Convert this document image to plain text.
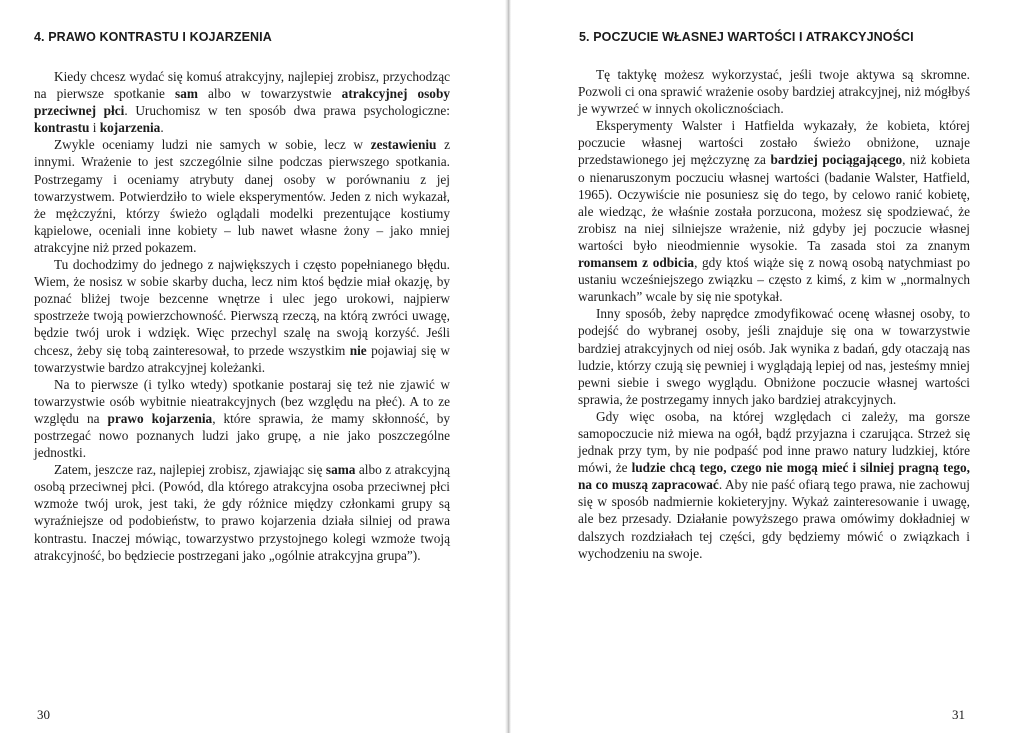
4. PRAWO KONTRASTU I KOJARZENIA

Kiedy chcesz wydać się komuś atrakcyjny, najlepiej zrobisz, przychodząc na pierwsze spotkanie sam albo w towarzystwie atrakcyjnej osoby przeciwnej płci. Uruchomisz w ten sposób dwa prawa psychologiczne: kontrastu i kojarzenia.

Zwykle oceniamy ludzi nie samych w sobie, lecz w zestawieniu z innymi. Wrażenie to jest szczególnie silne podczas pierwszego spotkania. Postrzegamy i oceniamy atrybuty danej osoby w porównaniu z jej towarzystwem. Potwierdziło to wiele eksperymentów. Jeden z nich wykazał, że mężczyźni, którzy świeżo oglądali modelki prezentujące kostiumy kąpielowe, oceniali inne kobiety – lub nawet własne żony – jako mniej atrakcyjne niż przed pokazem.

Tu dochodzimy do jednego z największych i często popełnianego błędu. Wiem, że nosisz w sobie skarby ducha, lecz nim ktoś będzie miał okazję, by poznać bliżej twoje bezcenne wnętrze i ulec jego urokowi, najpierw spostrzeże twoją powierzchowność. Pierwszą rzeczą, na którą zwróci uwagę, będzie twój urok i wdzięk. Więc przechyl szalę na swoją korzyść. Jeśli chcesz, żeby się tobą zainteresował, to przede wszystkim nie pojawiaj się w towarzystwie bardzo atrakcyjnej koleżanki.

Na to pierwsze (i tylko wtedy) spotkanie postaraj się też nie zjawić w towarzystwie osób wybitnie nieatrakcyjnych (bez względu na płeć). A to ze względu na prawo kojarzenia, które sprawia, że mamy skłonność, by postrzegać nowo poznanych ludzi jako grupę, a nie jako poszczególne jednostki.

Zatem, jeszcze raz, najlepiej zrobisz, zjawiając się sama albo z atrakcyjną osobą przeciwnej płci. (Powód, dla którego atrakcyjna osoba przeciwnej płci wzmoże twój urok, jest taki, że gdy różnice między członkami grupy są wyraźniejsze od podobieństw, to prawo kojarzenia działa silniej od prawa kontrastu. Inaczej mówiąc, towarzystwo przystojnego kolegi wzmoże twoją atrakcyjność, bo będziecie postrzegani jako „ogólnie atrakcyjna grupa”).

30
5. POCZUCIE WŁASNEJ WARTOŚCI I ATRAKCYJNOŚCI

Tę taktykę możesz wykorzystać, jeśli twoje aktywa są skromne. Pozwoli ci ona sprawić wrażenie osoby bardziej atrakcyjnej, niż mógłbyś je wywrzeć w innych okolicznościach.

Eksperymenty Walster i Hatfielda wykazały, że kobieta, której poczucie własnej wartości zostało świeżo obniżone, uznaje przedstawionego jej mężczyznę za bardziej pociągającego, niż kobieta o nienaruszonym poczuciu własnej wartości (badanie Walster, Hatfield, 1965). Oczywiście nie posuniesz się do tego, by celowo ranić kobietę, ale wiedząc, że właśnie została porzucona, możesz się spodziewać, że zrobisz na niej silniejsze wrażenie, niż gdyby jej poczucie własnej wartości było nieodmiennie wysokie. Ta zasada stoi za znanym romansem z odbicia, gdy ktoś wiąże się z nową osobą natychmiast po ustaniu wcześniejszego związku – często z kimś, z kim w „normalnych warunkach” wcale by się nie spotykał.

Inny sposób, żeby naprędce zmodyfikować ocenę własnej osoby, to podejść do wybranej osoby, jeśli znajduje się ona w towarzystwie bardziej atrakcyjnych od niej osób. Jak wynika z badań, gdy otaczają nas ludzie, którzy czują się pewniej i wyglądają lepiej od nas, jesteśmy mniej pewni siebie i swego wyglądu. Obniżone poczucie własnej wartości sprawia, że postrzegamy innych jako bardziej atrakcyjnych.

Gdy więc osoba, na której względach ci zależy, ma gorsze samopoczucie niż miewa na ogół, bądź przyjazna i czarująca. Strzeż się jednak przy tym, by nie podpaść pod inne prawo natury ludzkiej, które mówi, że ludzie chcą tego, czego nie mogą mieć i silniej pragną tego, na co muszą zapracować. Aby nie paść ofiarą tego prawa, nie zachowuj się w sposób nadmiernie kokieteryjny. Wykaż zainteresowanie i uwagę, ale bez przesady. Działanie powyższego prawa omówimy dokładniej w dalszych rozdziałach tej części, gdy będziemy mówić o związkach i wychodzeniu na swoje.

31
